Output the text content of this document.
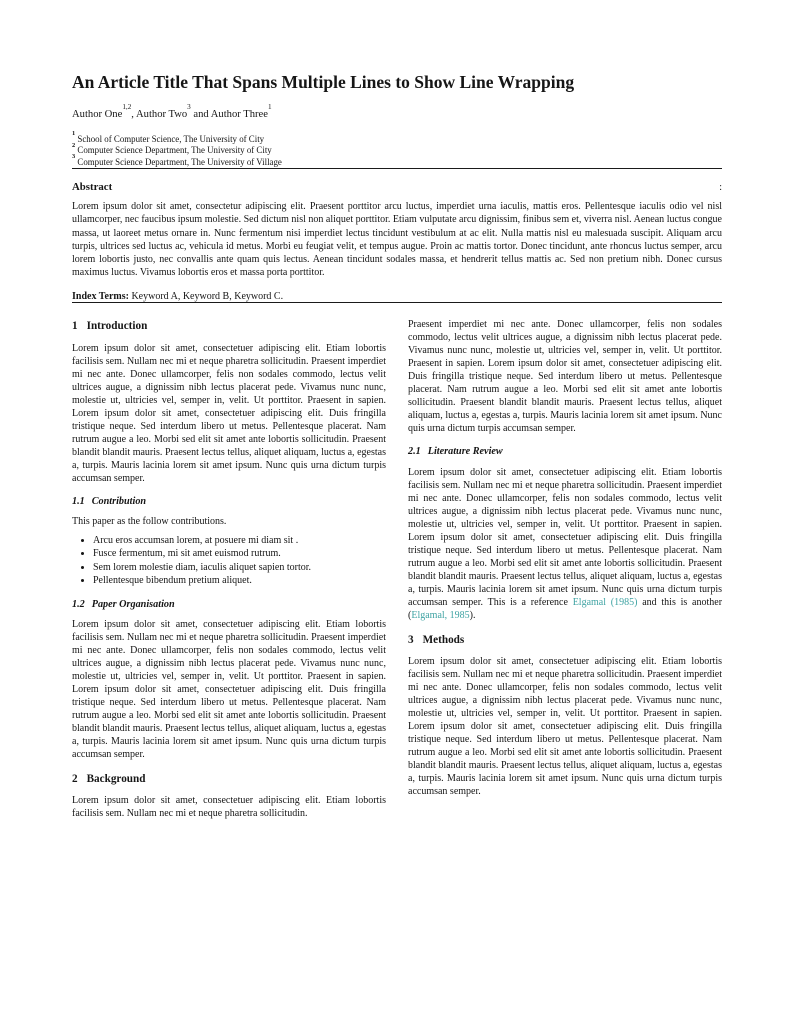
An Article Title That Spans Multiple Lines to Show Line Wrapping

Author One$^{1,2}$, Author Two$^3$ and Author Three$^1$

$^1$ School of Computer Science, The University of City
$^2$ Computer Science Department, The University of City
$^3$ Computer Science Department, The University of Village
Abstract	:

Lorem ipsum dolor sit amet, consectetur adipiscing elit. Praesent porttitor arcu luctus, imperdiet urna iaculis, mattis eros. Pellentesque iaculis odio vel nisl ullamcorper, nec faucibus ipsum molestie. Sed dictum nisl non aliquet porttitor. Etiam vulputate arcu dignissim, finibus sem et, viverra nisl. Aenean luctus congue massa, ut laoreet metus ornare in. Nunc fermentum nisi imperdiet lectus tincidunt vestibulum at ac elit. Nulla mattis nisl eu malesuada suscipit. Aliquam arcu turpis, ultrices sed luctus ac, vehicula id metus. Morbi eu feugiat velit, et tempus augue. Proin ac mattis tortor. Donec tincidunt, ante rhoncus luctus semper, arcu lorem lobortis justo, nec convallis ante quam quis lectus. Aenean tincidunt sodales massa, et hendrerit tellus mattis ac. Sed non pretium nibh. Donec cursus maximus luctus. Vivamus lobortis eros et massa porta porttitor.

Index Terms: Keyword A, Keyword B, Keyword C.

1 Introduction

Lorem ipsum dolor sit amet, consectetuer adipiscing elit. Etiam lobortis facilisis sem. Nullam nec mi et neque pharetra sollicitudin. Praesent imperdiet mi nec ante. Donec ullamcorper, felis non sodales commodo, lectus velit ultrices augue, a dignissim nibh lectus placerat pede. Vivamus nunc nunc, molestie ut, ultricies vel, semper in, velit. Ut porttitor. Praesent in sapien. Lorem ipsum dolor sit amet, consectetuer adipiscing elit. Duis fringilla tristique neque. Sed interdum libero ut metus. Pellentesque placerat. Nam rutrum augue a leo. Morbi sed elit sit amet ante lobortis sollicitudin. Praesent blandit blandit mauris. Praesent lectus tellus, aliquet aliquam, luctus a, egestas a, turpis. Mauris lacinia lorem sit amet ipsum. Nunc quis urna dictum turpis accumsan semper.

1.1 Contribution

This paper as the follow contributions.

• Arcu eros accumsan lorem, at posuere mi diam sit .
• Fusce fermentum, mi sit amet euismod rutrum.
• Sem lorem molestie diam, iaculis aliquet sapien tortor.
• Pellentesque bibendum pretium aliquet.
1.2 Paper Organisation

Lorem ipsum dolor sit amet, consectetuer adipiscing elit. Etiam lobortis facilisis sem. Nullam nec mi et neque pharetra sollicitudin. Praesent imperdiet mi nec ante. Donec ullamcorper, felis non sodales commodo, lectus velit ultrices augue, a dignissim nibh lectus placerat pede. Vivamus nunc nunc, molestie ut, ultricies vel, semper in, velit. Ut porttitor. Praesent in sapien. Lorem ipsum dolor sit amet, consectetuer adipiscing elit. Duis fringilla tristique neque. Sed interdum libero ut metus. Pellentesque placerat. Nam rutrum augue a leo. Morbi sed elit sit amet ante lobortis sollicitudin. Praesent blandit blandit mauris. Praesent lectus tellus, aliquet aliquam, luctus a, egestas a, turpis. Mauris lacinia lorem sit amet ipsum. Nunc quis urna dictum turpis accumsan semper.

2 Background

Lorem ipsum dolor sit amet, consectetuer adipiscing elit. Etiam lobortis facilisis sem. Nullam nec mi et neque pharetra sollicitudin.

Praesent imperdiet mi nec ante. Donec ullamcorper, felis non sodales commodo, lectus velit ultrices augue, a dignissim nibh lectus placerat pede. Vivamus nunc nunc, molestie ut, ultricies vel, semper in, velit. Ut porttitor. Praesent in sapien. Lorem ipsum dolor sit amet, consectetuer adipiscing elit. Duis fringilla tristique neque. Sed interdum libero ut metus. Pellentesque placerat. Nam rutrum augue a leo. Morbi sed elit sit amet ante lobortis sollicitudin. Praesent blandit blandit mauris. Praesent lectus tellus, aliquet aliquam, luctus a, egestas a, turpis. Mauris lacinia lorem sit amet ipsum. Nunc quis urna dictum turpis accumsan semper.

2.1 Literature Review

Lorem ipsum dolor sit amet, consectetuer adipiscing elit. Etiam lobortis facilisis sem. Nullam nec mi et neque pharetra sollicitudin. Praesent imperdiet mi nec ante. Donec ullamcorper, felis non sodales commodo, lectus velit ultrices augue, a dignissim nibh lectus placerat pede. Vivamus nunc nunc, molestie ut, ultricies vel, semper in, velit. Ut porttitor. Praesent in sapien. Lorem ipsum dolor sit amet, consectetuer adipiscing elit. Duis fringilla tristique neque. Sed interdum libero ut metus. Pellentesque placerat. Nam rutrum augue a leo. Morbi sed elit sit amet ante lobortis sollicitudin. Praesent blandit blandit mauris. Praesent lectus tellus, aliquet aliquam, luctus a, egestas a, turpis. Mauris lacinia lorem sit amet ipsum. Nunc quis urna dictum turpis accumsan semper. This is a reference Elgamal (1985) and this is another (Elgamal, 1985).

3 Methods

Lorem ipsum dolor sit amet, consectetuer adipiscing elit. Etiam lobortis facilisis sem. Nullam nec mi et neque pharetra sollicitudin. Praesent imperdiet mi nec ante. Donec ullamcorper, felis non sodales commodo, lectus velit ultrices augue, a dignissim nibh lectus placerat pede. Vivamus nunc nunc, molestie ut, ultricies vel, semper in, velit. Ut porttitor. Praesent in sapien. Lorem ipsum dolor sit amet, consectetuer adipiscing elit. Duis fringilla tristique neque. Sed interdum libero ut metus. Pellentesque placerat. Nam rutrum augue a leo. Morbi sed elit sit amet ante lobortis sollicitudin. Praesent blandit blandit mauris. Praesent lectus tellus, aliquet aliquam, luctus a, egestas a, turpis. Mauris lacinia lorem sit amet ipsum. Nunc quis urna dictum turpis accumsan semper.
